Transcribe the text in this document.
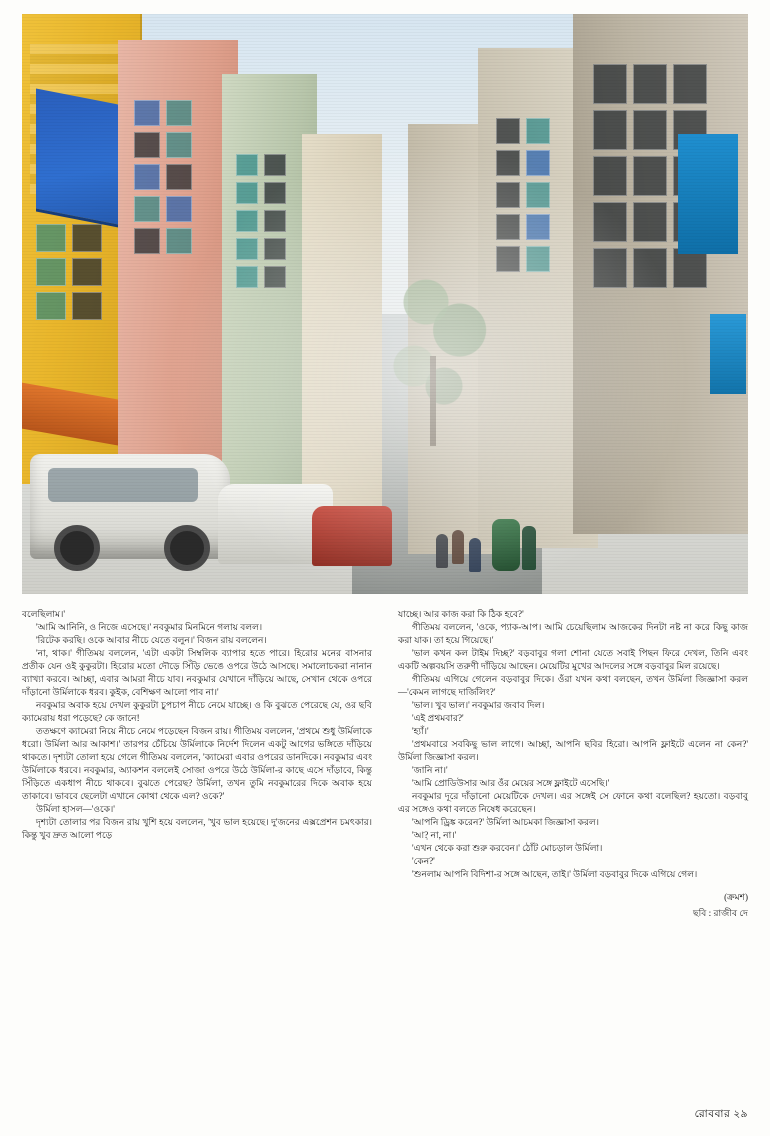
বলেছিলাম।'

'আমি আনিনি, ও নিজে এসেছে।' নবকুমার মিনমিনে গলায় বলল।

'রিটেক করছি। ওকে আবার নীচে যেতে বলুন।' বিজন রায় বললেন।

'না, থাক।' গীতিময় বললেন, 'এটা একটা সিম্বলিক ব্যাপার হতে পারে। হিরোর মনের বাসনার প্রতীক যেন ওই কুকুরটা। হিরোর মতো দৌড়ে সিঁড়ি ভেঙে ওপরে উঠে আসছে। সমালোচকরা নানান ব্যাখ্যা করবে। আচ্ছা, এবার আমরা নীচে যাব। নবকুমার যেখানে দাঁড়িয়ে আছে, সেখান থেকে ওপরে দাঁড়ানো উর্মিলাকে ধরব। কুইক, বেশিক্ষণ আলো পাব না।'

নবকুমার অবাক হয়ে দেখল কুকুরটা চুপচাপ নীচে নেমে যাচ্ছে। ও কি বুঝতে পেরেছে যে, ওর ছবি ক্যামেরায় ধরা পড়েছে? কে জানে!

ততক্ষণে ক্যামেরা নিয়ে নীচে নেমে পড়েছেন বিজন রায়। গীতিময় বললেন, 'প্রথমে শুধু উর্মিলাকে ধরো। উর্মিলা আর আকাশ।' তারপর চেঁচিয়ে উর্মিলাকে নির্দেশ দিলেন একটু আগের ভঙ্গিতে দাঁড়িয়ে থাকতে। দৃশ্যটা তোলা হয়ে গেলে গীতিময় বললেন, 'ক্যামেরা এবার ওপরের ডানদিকে। নবকুমার এবং উর্মিলাকে ধরবে। নবকুমার, অ্যাকশন বললেই সোজা ওপরে উঠে উর্মিলা-র কাছে এসে দাঁড়াবে, কিন্তু সিঁড়িতে একধাপ নীচে থাকবে। বুঝতে পেরেছ? উর্মিলা, তখন তুমি নবকুমারের দিকে অবাক হয়ে তাকাবে। ভাববে ছেলেটা এখানে কোথা থেকে এল? ওকে?'

উর্মিলা হাসল—'ওকে।'

দৃশ্যটা তোলার পর বিজন রায় খুশি হয়ে বললেন, 'খুব ভাল হয়েছে। দু'জনের এক্সপ্রেশন চমৎকার। কিন্তু খুব দ্রুত আলো পড়ে

যাচ্ছে। আর কাজ করা কি ঠিক হবে?'

গীতিময় বললেন, 'ওকে, প্যাক-আপ। আমি চেয়েছিলাম আজকের দিনটা নষ্ট না করে কিছু কাজ করা যাক। তা হয়ে গিয়েছে।'

'ভাল কখন কল টাইম দিচ্ছ?' বড়বাবুর গলা শোনা যেতে সবাই পিছন ফিরে দেখল, তিনি এবং একটি অল্পবয়সি তরুণী দাঁড়িয়ে আছেন। মেয়েটির মুখের আদলের সঙ্গে বড়বাবুর মিল রয়েছে।

গীতিময় এগিয়ে গেলেন বড়বাবুর দিকে। ওঁরা যখন কথা বলছেন, তখন উর্মিলা জিজ্ঞাসা করল—'কেমন লাগছে দার্জিলিং?'

'ভাল। খুব ভাল।' নবকুমার জবাব দিল।

'এই প্রথমবার?'

'হ্যাঁ।'

'প্রথমবারে সবকিছু ভাল লাগে। আচ্ছা, আপনি ছবির হিরো। আপনি ফ্লাইটে এলেন না কেন?' উর্মিলা জিজ্ঞাসা করল।

'জানি না।'

'আমি প্রোডিউসার আর ওঁর মেয়ের সঙ্গে ফ্লাইটে এসেছি।'

নবকুমার দূরে দাঁড়ানো মেয়েটিকে দেখল। এর সঙ্গেই সে ফোনে কথা বলেছিল? হয়তো। বড়বাবু এর সঙ্গেও কথা বলতে নিষেধ করেছেন।

'আপনি ড্রিঙ্ক করেন?' উর্মিলা আচমকা জিজ্ঞাসা করল।

'আ়? না, না।'

'এখন থেকে করা শুরু করবেন।' ঠোঁট মোচড়াল উর্মিলা।

'কেন?'

'শুনলাম আপনি বিদিশা-র সঙ্গে আছেন, তাই।' উর্মিলা বড়বাবুর দিকে এগিয়ে গেল।

(ক্রমশ)
ছবি : রাজীব দে
রোববার ২৯
